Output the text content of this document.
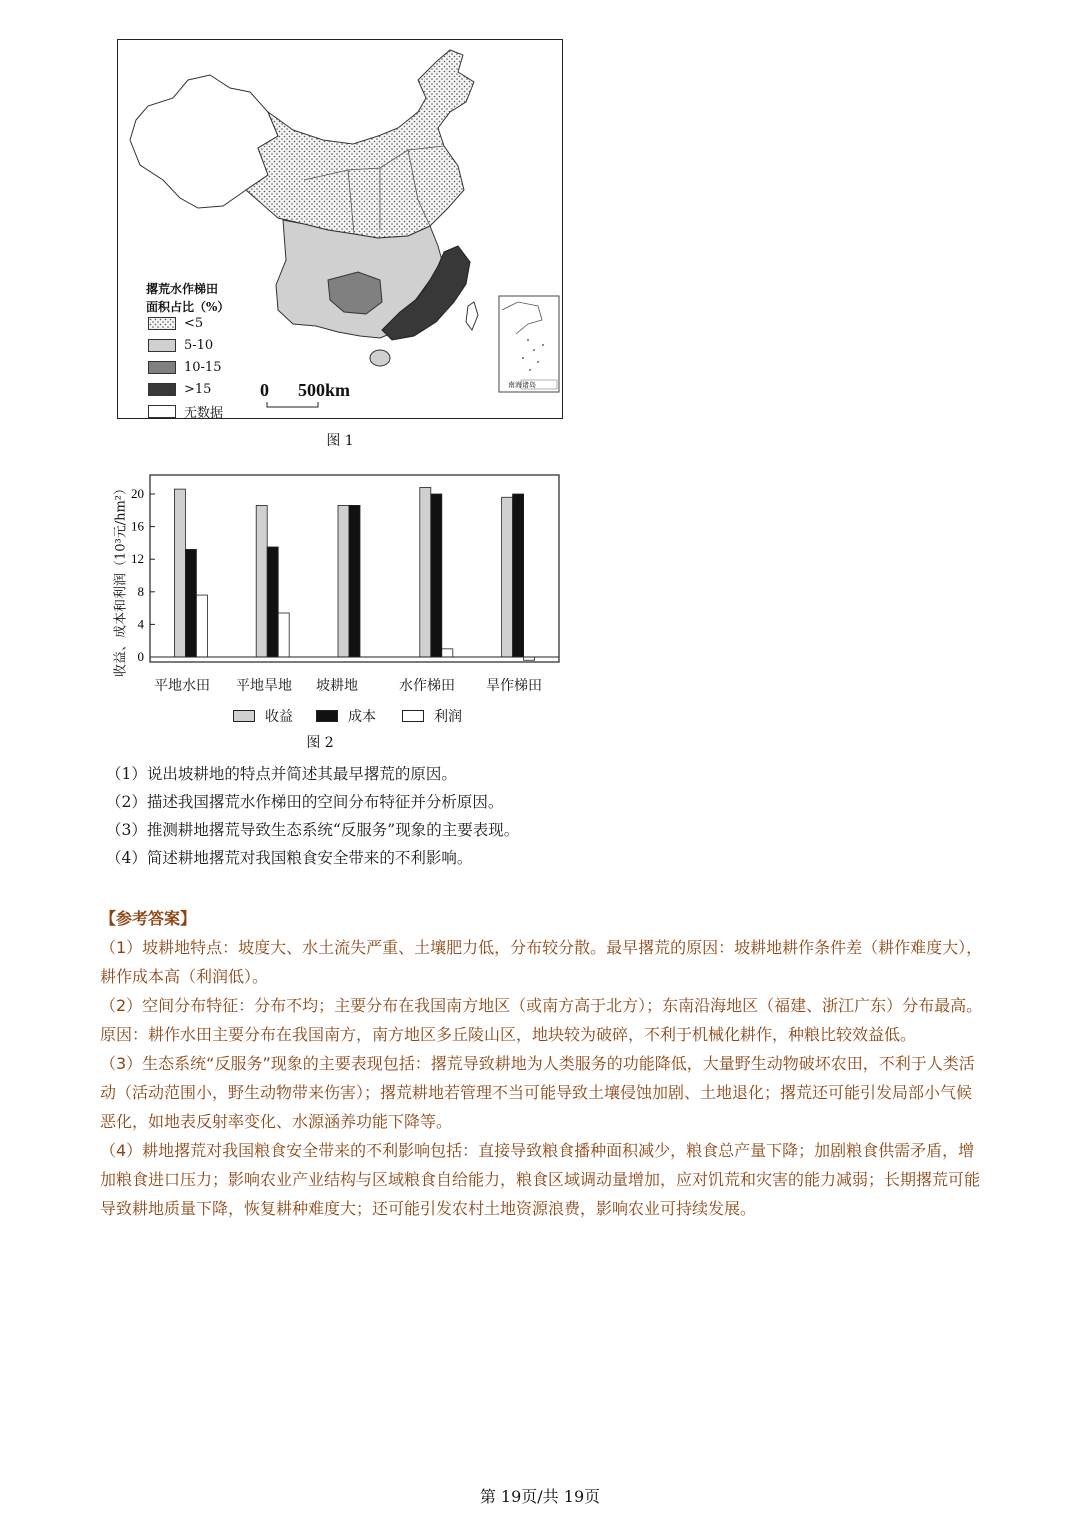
撂荒水作梯田
面积占比（%）
<5
5-10
10-15
>15
无数据
0 500km	南海诸岛
图 1
0
4
8
12
16
20
收益、成本和利润（10³元/hm²）
平地水田	平地旱地	坡耕地	水作梯田	旱作梯田
收益	成本	利润
图 2
（1）说出坡耕地的特点并简述其最早撂荒的原因。
（2）描述我国撂荒水作梯田的空间分布特征并分析原因。
（3）推测耕地撂荒导致生态系统“反服务”现象的主要表现。
（4）简述耕地撂荒对我国粮食安全带来的不利影响。

【参考答案】

（1）坡耕地特点：坡度大、水土流失严重、土壤肥力低，分布较分散。最早撂荒的原因：坡耕地耕作条件差（耕作难度大），耕作成本高（利润低）。

（2）空间分布特征：分布不均；主要分布在我国南方地区（或南方高于北方）；东南沿海地区（福建、浙江广东）分布最高。

原因：耕作水田主要分布在我国南方，南方地区多丘陵山区，地块较为破碎，不利于机械化耕作，种粮比较效益低。

（3）生态系统“反服务”现象的主要表现包括：撂荒导致耕地为人类服务的功能降低，大量野生动物破坏农田，不利于人类活动（活动范围小，野生动物带来伤害）；撂荒耕地若管理不当可能导致土壤侵蚀加剧、土地退化；撂荒还可能引发局部小气候恶化，如地表反射率变化、水源涵养功能下降等。

（4）耕地撂荒对我国粮食安全带来的不利影响包括：直接导致粮食播种面积减少，粮食总产量下降；加剧粮食供需矛盾，增加粮食进口压力；影响农业产业结构与区域粮食自给能力，粮食区域调动量增加，应对饥荒和灾害的能力减弱；长期撂荒可能导致耕地质量下降，恢复耕种难度大；还可能引发农村土地资源浪费，影响农业可持续发展。

第 19页/共 19页
